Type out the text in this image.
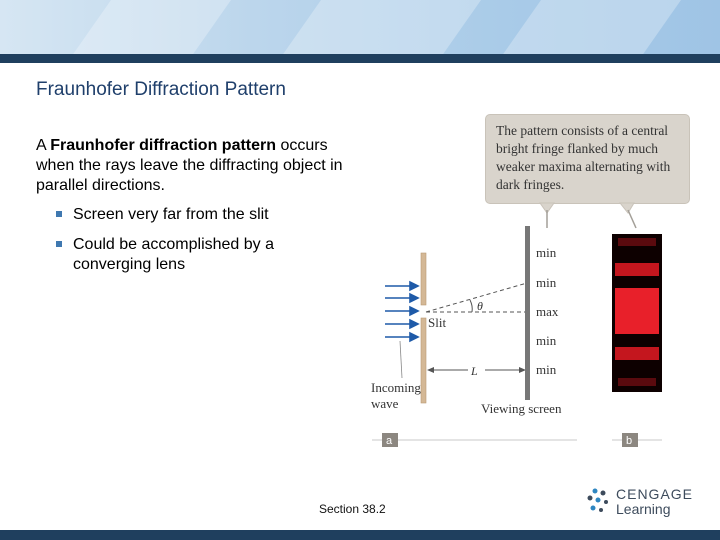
Fraunhofer Diffraction Pattern
A Fraunhofer diffraction pattern occurs when the rays leave the diffracting object in parallel directions.
Screen very far from the slit
Could be accomplished by a converging lens
The pattern consists of a central bright fringe flanked by much weaker maxima alternating with dark fringes.
Slit
θ
L
Incoming
wave	Viewing screen
min
min
max
min
min
a	b
Section 38.2
CENGAGE
Learning
